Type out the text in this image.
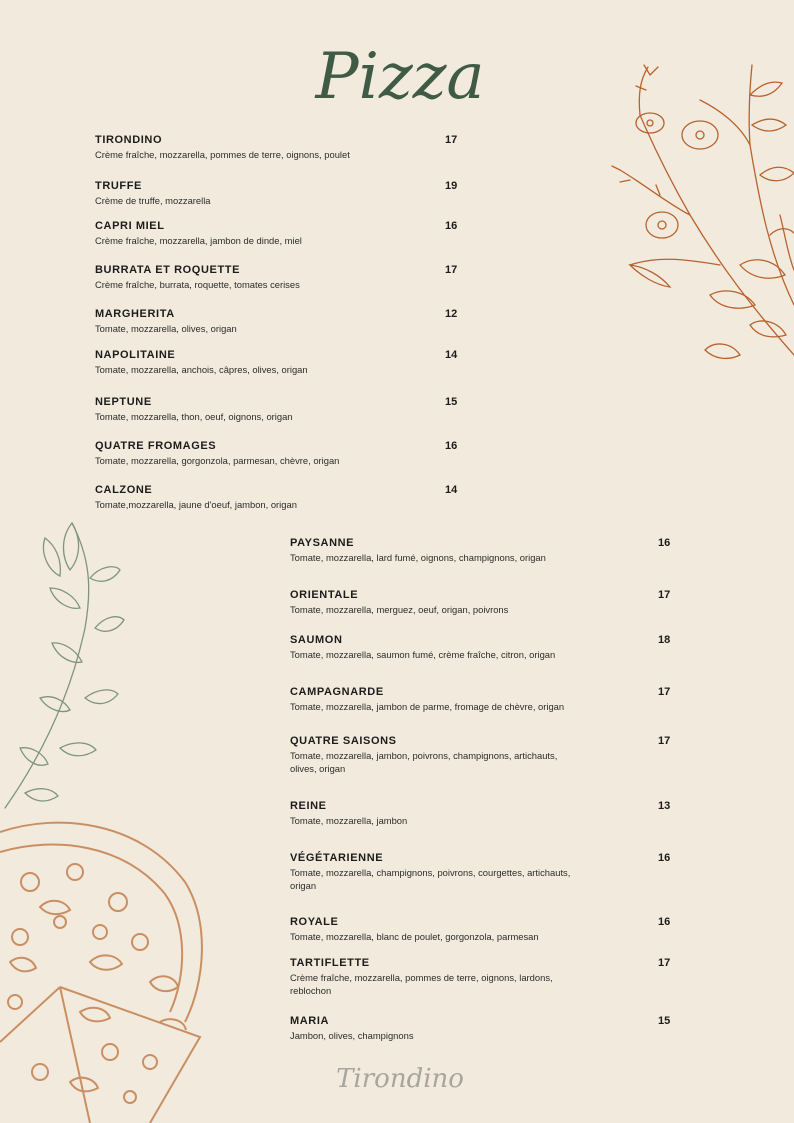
Pizza
TIRONDINO
Crème fraîche, mozzarella, pommes de terre, oignons, poulet
17
TRUFFE
Crème de truffe, mozzarella
19
CAPRI MIEL
Crème fraîche, mozzarella, jambon de dinde, miel
16
BURRATA ET ROQUETTE
Crème fraîche, burrata, roquette, tomates cerises
17
MARGHERITA
Tomate, mozzarella, olives, origan
12
NAPOLITAINE
Tomate, mozzarella, anchois, câpres, olives, origan
14
NEPTUNE
Tomate, mozzarella, thon, oeuf, oignons, origan
15
QUATRE FROMAGES
Tomate, mozzarella, gorgonzola, parmesan, chèvre, origan
16
CALZONE
Tomate,mozzarella, jaune d'oeuf, jambon, origan
14
PAYSANNE
Tomate, mozzarella, lard fumé, oignons, champignons, origan
16
ORIENTALE
Tomate, mozzarella, merguez, oeuf, origan, poivrons
17
SAUMON
Tomate, mozzarella, saumon fumé, crème fraîche, citron, origan
18
CAMPAGNARDE
Tomate, mozzarella, jambon de parme, fromage de chèvre, origan
17
QUATRE SAISONS
Tomate, mozzarella, jambon, poivrons, champignons, artichauts, olives, origan
17
REINE
Tomate, mozzarella, jambon
13
VÉGÉTARIENNE
Tomate, mozzarella, champignons, poivrons, courgettes, artichauts, origan
16
ROYALE
Tomate, mozzarella, blanc de poulet, gorgonzola, parmesan
16
TARTIFLETTE
Crème fraîche, mozzarella, pommes de terre, oignons, lardons, reblochon
17
MARIA
Jambon, olives, champignons
15
Tirondino
